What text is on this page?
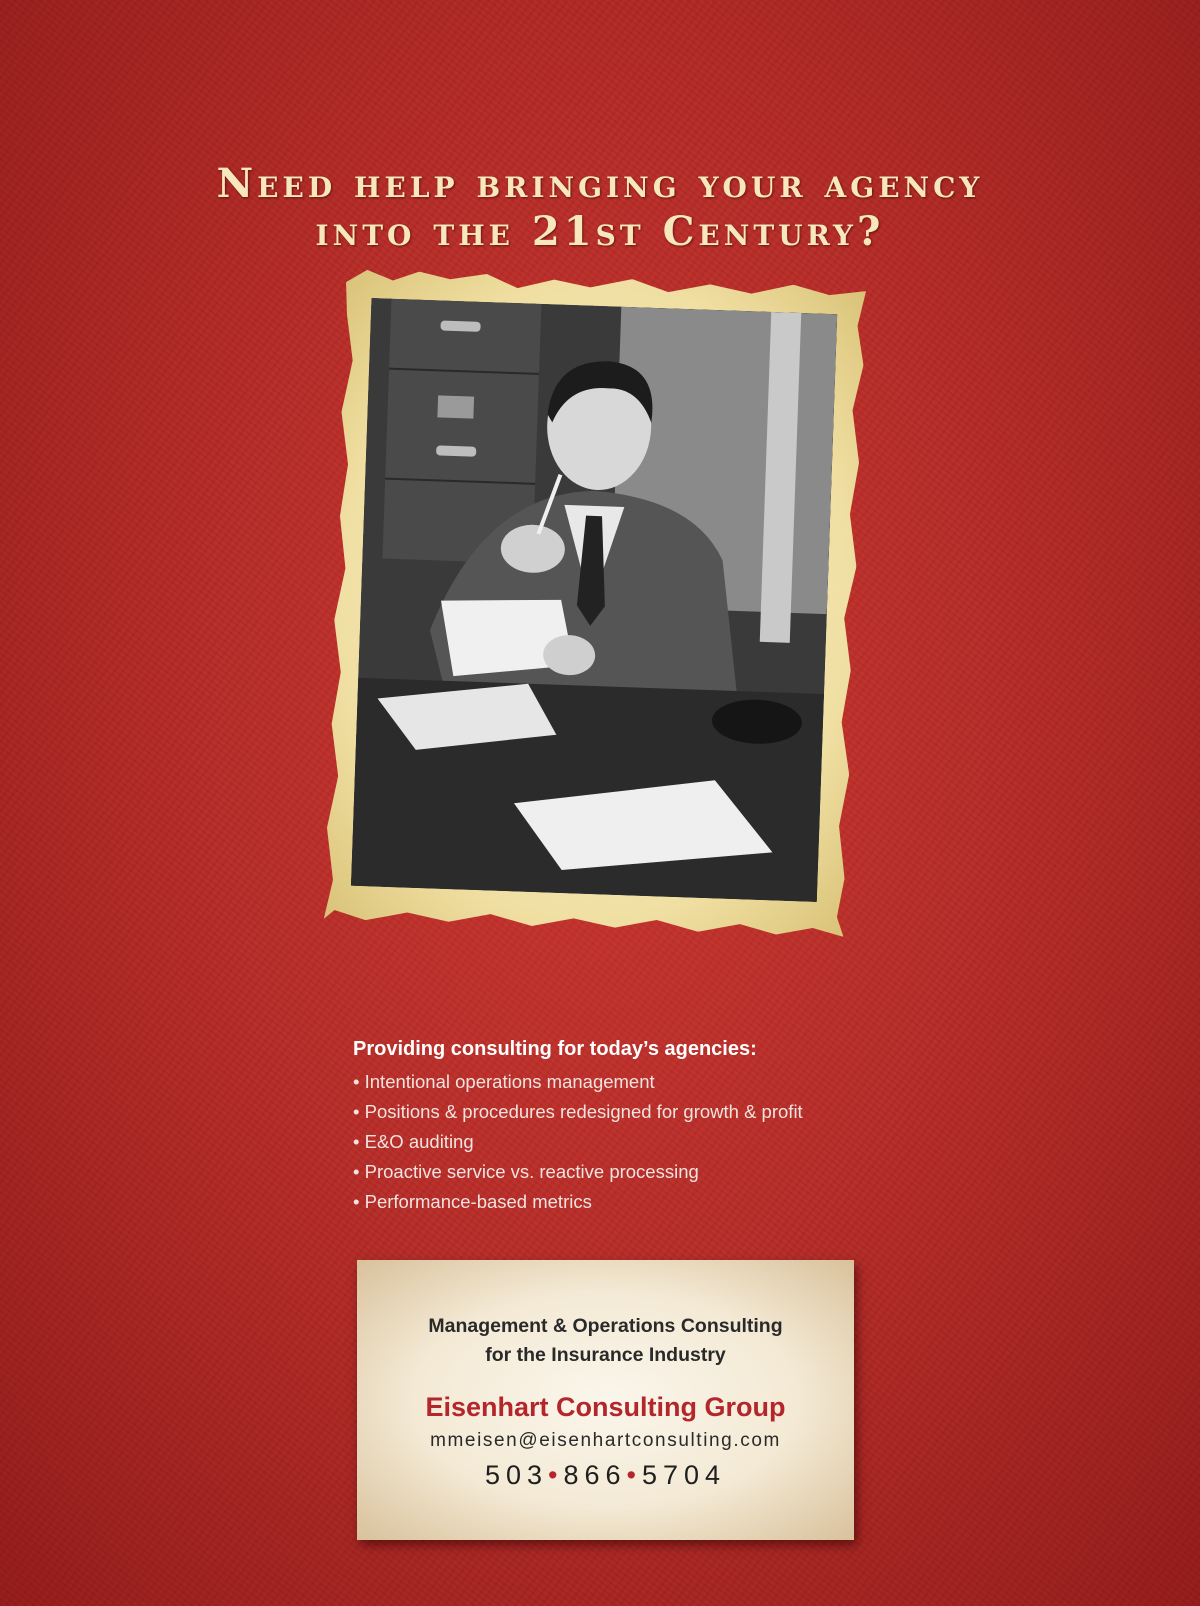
Need help bringing your agency
into the 21st Century?
Providing consulting for today’s agencies:
• Intentional operations management
• Positions & procedures redesigned for growth & profit
• E&O auditing
• Proactive service vs. reactive processing
• Performance-based metrics
Management & Operations Consulting
for the Insurance Industry
Eisenhart Consulting Group
mmeisen@eisenhartconsulting.com
503•866•5704
